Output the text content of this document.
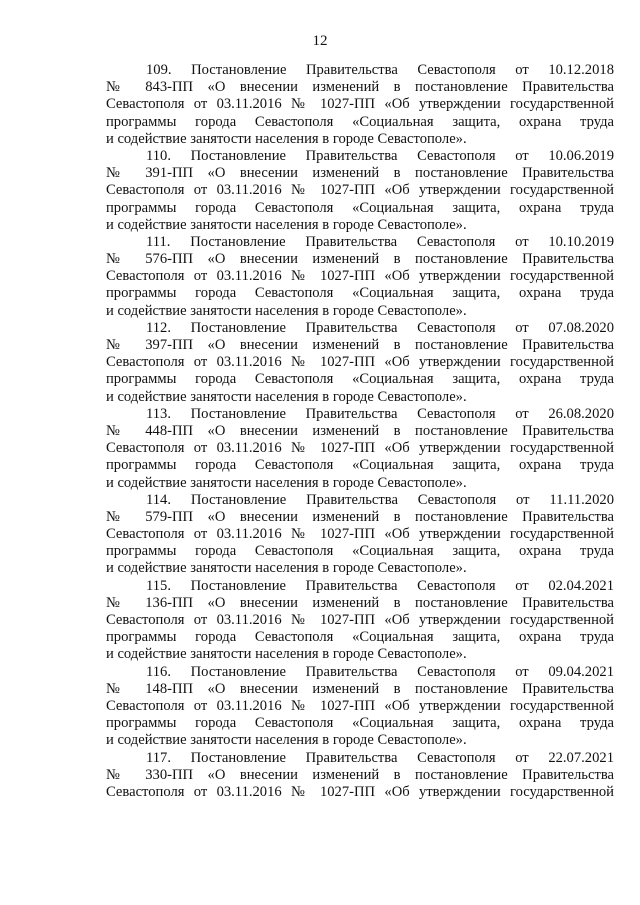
12
109. Постановление Правительства Севастополя от 10.12.2018
№ 843-ПП «О внесении изменений в постановление Правительства
Севастополя от 03.11.2016 № 1027-ПП «Об утверждении государственной
программы города Севастополя «Социальная защита, охрана труда
и содействие занятости населения в городе Севастополе».
110. Постановление Правительства Севастополя от 10.06.2019
№ 391-ПП «О внесении изменений в постановление Правительства
Севастополя от 03.11.2016 № 1027-ПП «Об утверждении государственной
программы города Севастополя «Социальная защита, охрана труда
и содействие занятости населения в городе Севастополе».
111. Постановление Правительства Севастополя от 10.10.2019
№ 576-ПП «О внесении изменений в постановление Правительства
Севастополя от 03.11.2016 № 1027-ПП «Об утверждении государственной
программы города Севастополя «Социальная защита, охрана труда
и содействие занятости населения в городе Севастополе».
112. Постановление Правительства Севастополя от 07.08.2020
№ 397-ПП «О внесении изменений в постановление Правительства
Севастополя от 03.11.2016 № 1027-ПП «Об утверждении государственной
программы города Севастополя «Социальная защита, охрана труда
и содействие занятости населения в городе Севастополе».
113. Постановление Правительства Севастополя от 26.08.2020
№ 448-ПП «О внесении изменений в постановление Правительства
Севастополя от 03.11.2016 № 1027-ПП «Об утверждении государственной
программы города Севастополя «Социальная защита, охрана труда
и содействие занятости населения в городе Севастополе».
114. Постановление Правительства Севастополя от 11.11.2020
№ 579-ПП «О внесении изменений в постановление Правительства
Севастополя от 03.11.2016 № 1027-ПП «Об утверждении государственной
программы города Севастополя «Социальная защита, охрана труда
и содействие занятости населения в городе Севастополе».
115. Постановление Правительства Севастополя от 02.04.2021
№ 136-ПП «О внесении изменений в постановление Правительства
Севастополя от 03.11.2016 № 1027-ПП «Об утверждении государственной
программы города Севастополя «Социальная защита, охрана труда
и содействие занятости населения в городе Севастополе».
116. Постановление Правительства Севастополя от 09.04.2021
№ 148-ПП «О внесении изменений в постановление Правительства
Севастополя от 03.11.2016 № 1027-ПП «Об утверждении государственной
программы города Севастополя «Социальная защита, охрана труда
и содействие занятости населения в городе Севастополе».
117. Постановление Правительства Севастополя от 22.07.2021
№ 330-ПП «О внесении изменений в постановление Правительства
Севастополя от 03.11.2016 № 1027-ПП «Об утверждении государственной
